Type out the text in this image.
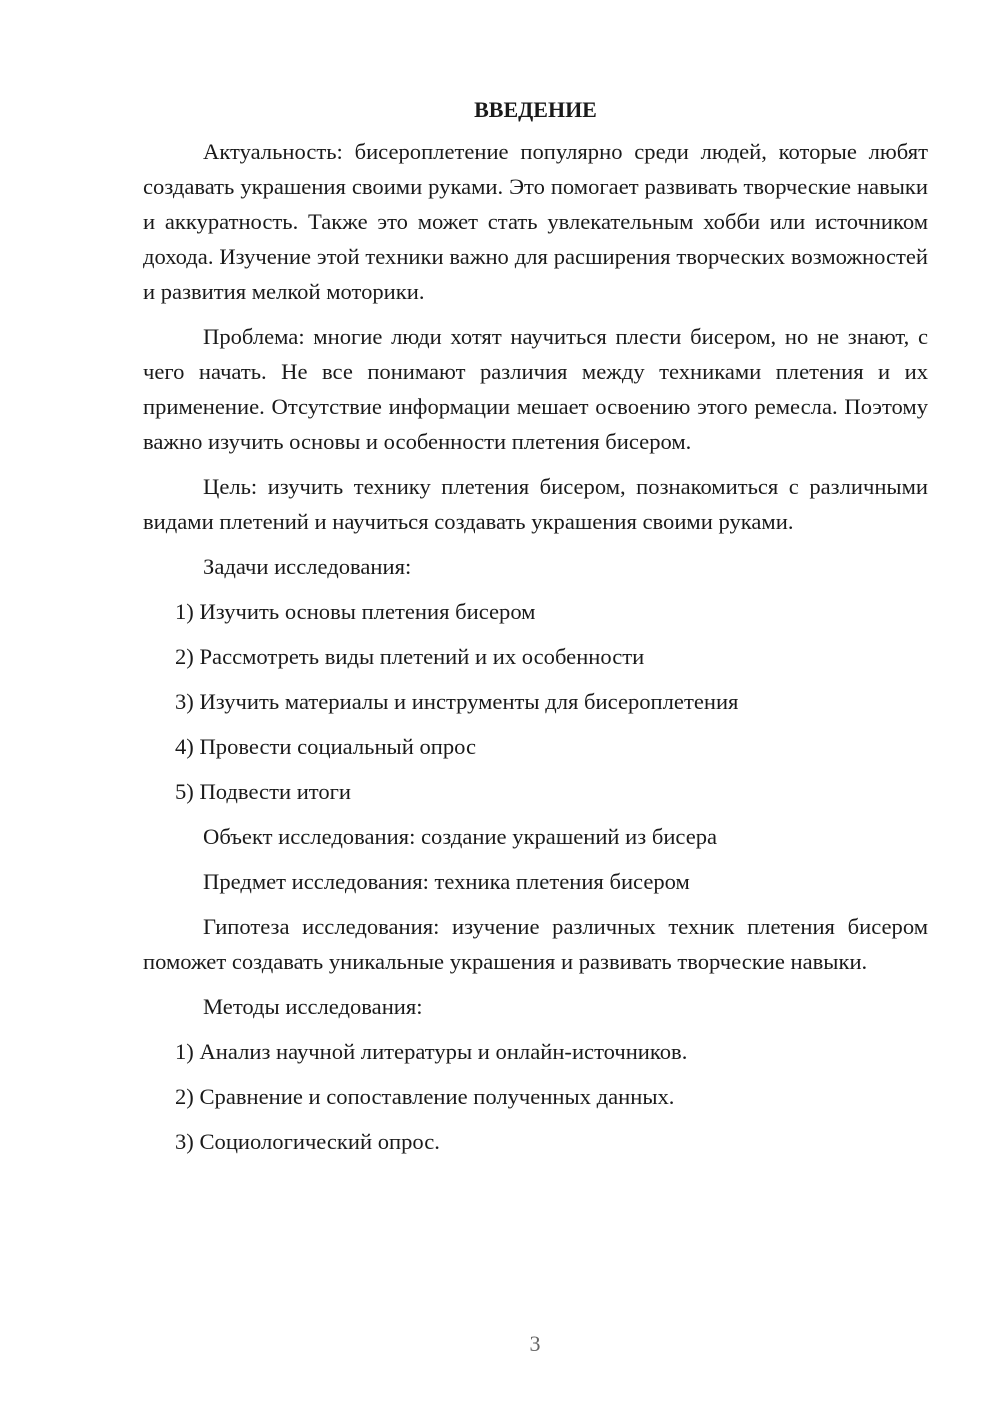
ВВЕДЕНИЕ

Актуальность: бисероплетение популярно среди людей, которые любят создавать украшения своими руками. Это помогает развивать творческие навыки и аккуратность. Также это может стать увлекательным хобби или источником дохода. Изучение этой техники важно для расширения творческих возможностей и развития мелкой моторики.

Проблема: многие люди хотят научиться плести бисером, но не знают, с чего начать. Не все понимают различия между техниками плетения и их применение. Отсутствие информации мешает освоению этого ремесла. Поэтому важно изучить основы и особенности плетения бисером.

Цель: изучить технику плетения бисером, познакомиться с различными видами плетений и научиться создавать украшения своими руками.

Задачи исследования:
1) Изучить основы плетения бисером
2) Рассмотреть виды плетений и их особенности
3) Изучить материалы и инструменты для бисероплетения
4) Провести социальный опрос
5) Подвести итоги
Объект исследования: создание украшений из бисера
Предмет исследования: техника плетения бисером

Гипотеза исследования: изучение различных техник плетения бисером поможет создавать уникальные украшения и развивать творческие навыки.

Методы исследования:
1) Анализ научной литературы и онлайн-источников.
2) Сравнение и сопоставление полученных данных.
3) Социологический опрос.
3
